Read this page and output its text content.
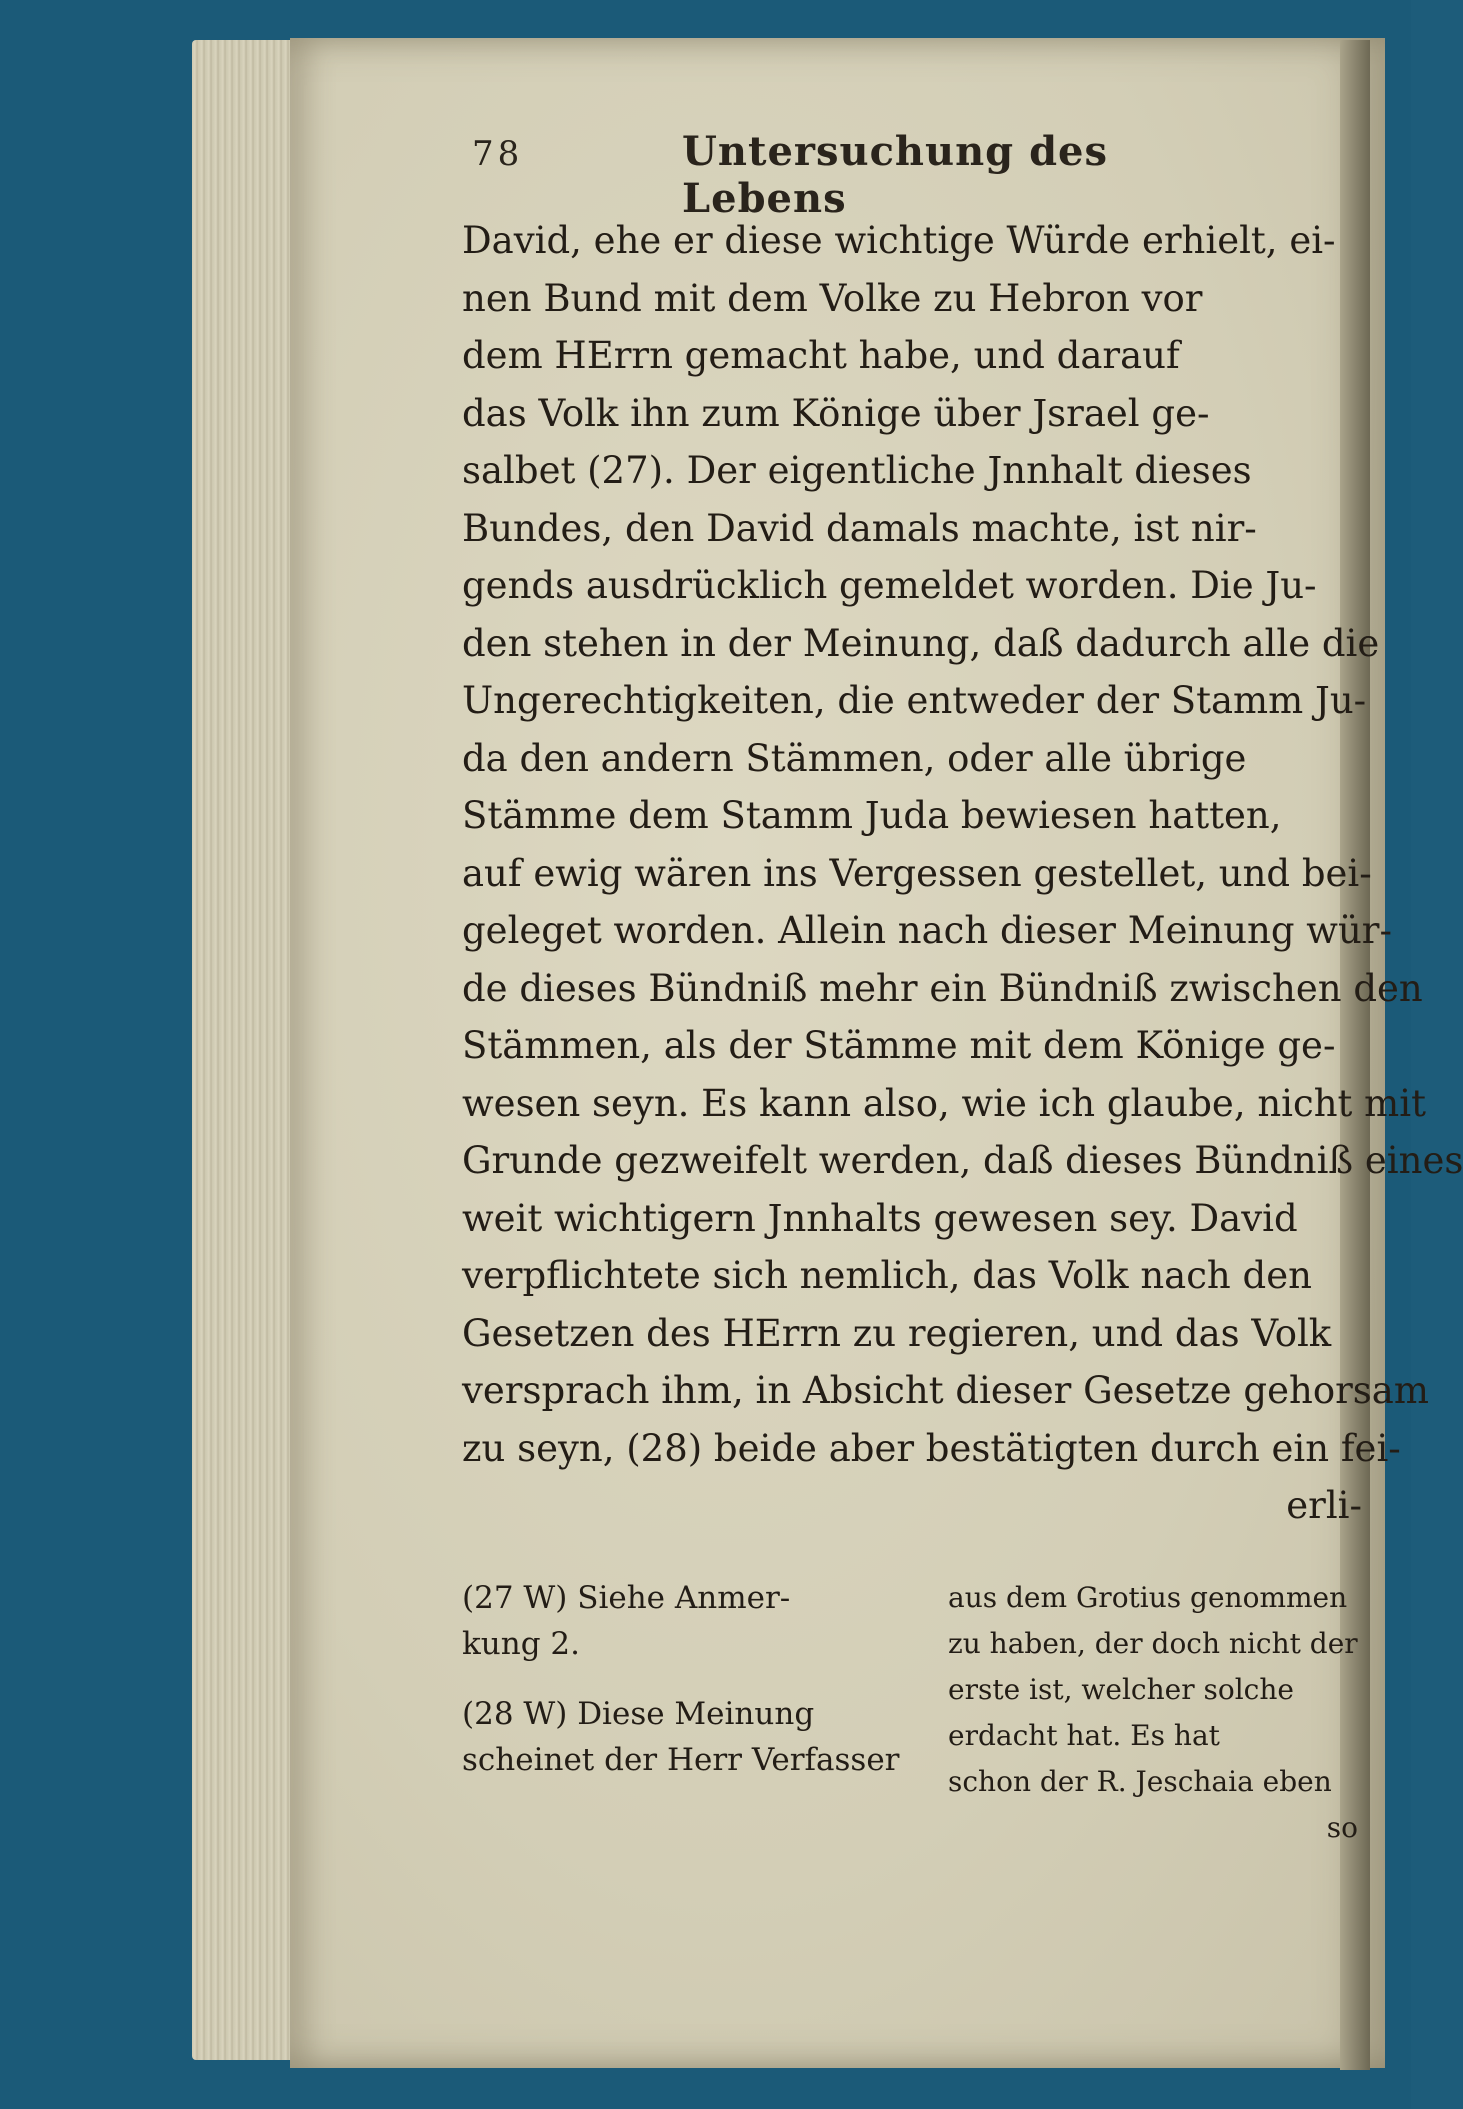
78	Untersuchung des Lebens
David, ehe er diese wichtige Würde erhielt, ei-
nen Bund mit dem Volke zu Hebron vor
dem HErrn gemacht habe, und darauf
das Volk ihn zum Könige über Jsrael ge-
salbet (27). Der eigentliche Jnnhalt dieses
Bundes, den David damals machte, ist nir-
gends ausdrücklich gemeldet worden. Die Ju-
den stehen in der Meinung, daß dadurch alle die
Ungerechtigkeiten, die entweder der Stamm Ju-
da den andern Stämmen, oder alle übrige
Stämme dem Stamm Juda bewiesen hatten,
auf ewig wären ins Vergessen gestellet, und bei-
geleget worden. Allein nach dieser Meinung wür-
de dieses Bündniß mehr ein Bündniß zwischen den
Stämmen, als der Stämme mit dem Könige ge-
wesen seyn. Es kann also, wie ich glaube, nicht mit
Grunde gezweifelt werden, daß dieses Bündniß eines
weit wichtigern Jnnhalts gewesen sey. David
verpflichtete sich nemlich, das Volk nach den
Gesetzen des HErrn zu regieren, und das Volk
versprach ihm, in Absicht dieser Gesetze gehorsam
zu seyn, (28) beide aber bestätigten durch ein fei-
erli-
(27 W) Siehe Anmer-
kung 2.
(28 W) Diese Meinung
scheinet der Herr Verfasser
aus dem Grotius genommen
zu haben, der doch nicht der
erste ist, welcher solche
erdacht hat. Es hat
schon der R. Jeschaia eben
so
